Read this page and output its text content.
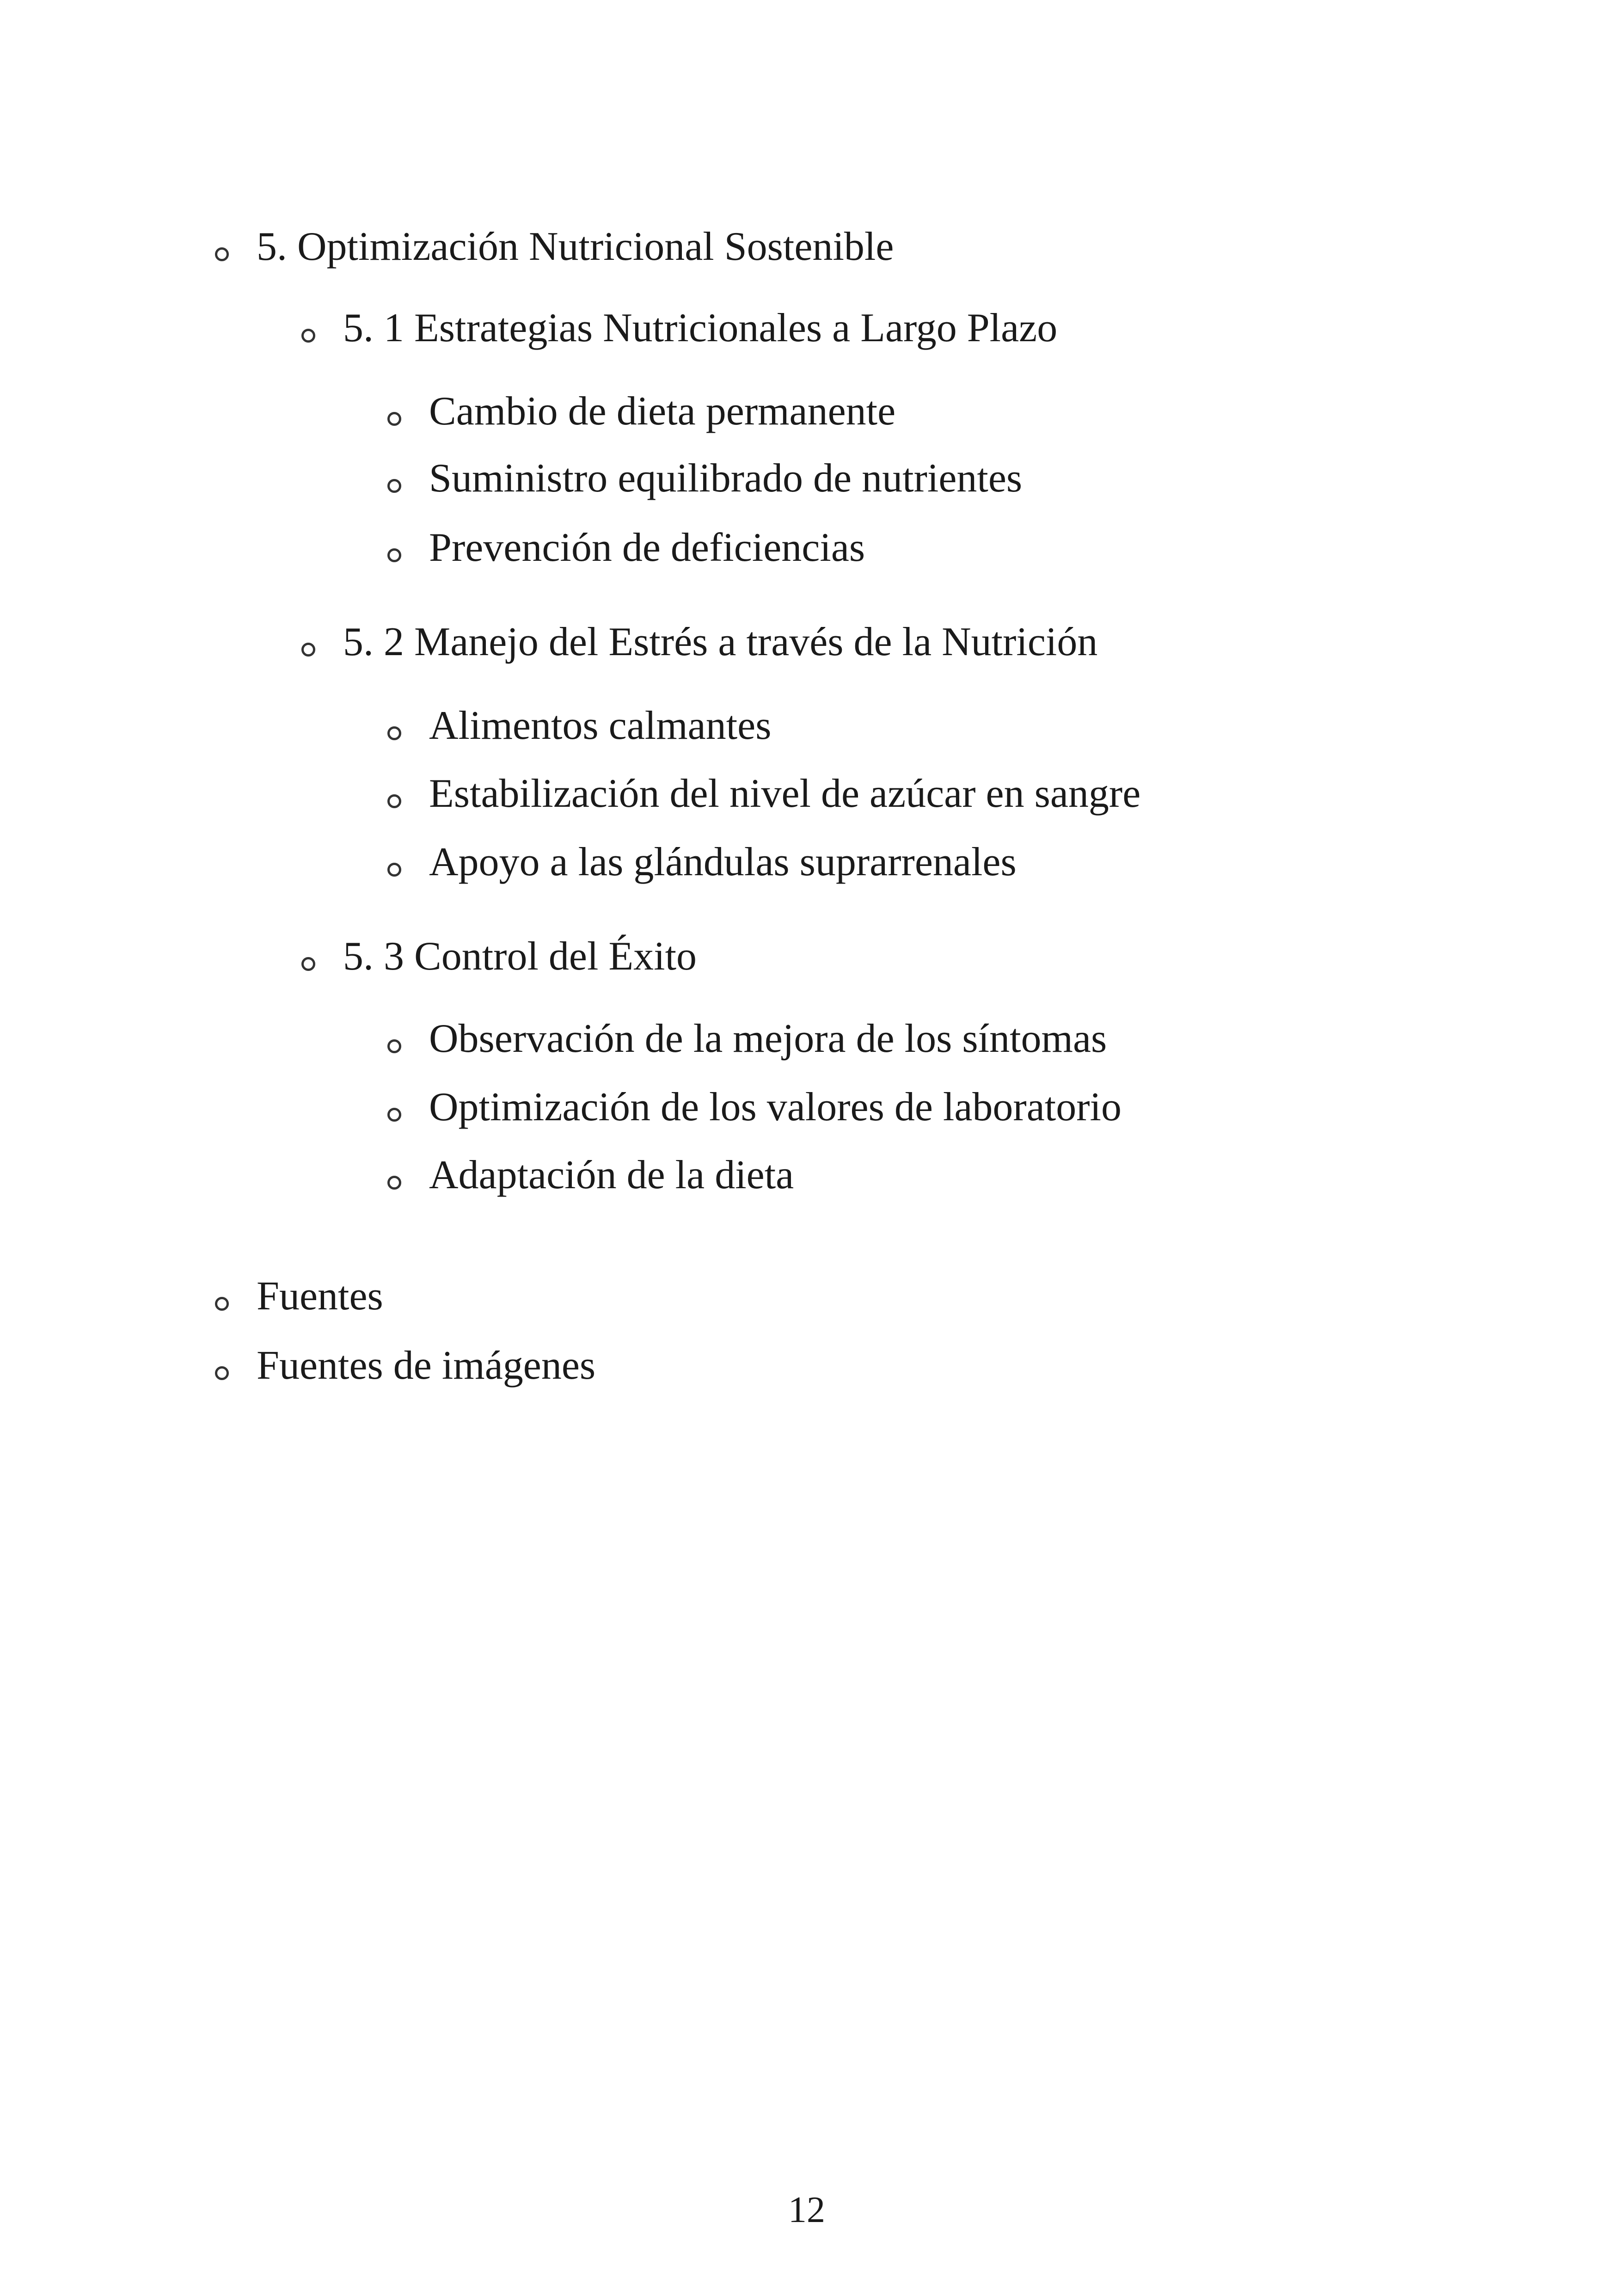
5. Optimización Nutricional Sostenible
5. 1 Estrategias Nutricionales a Largo Plazo
Cambio de dieta permanente
Suministro equilibrado de nutrientes
Prevención de deficiencias
5. 2 Manejo del Estrés a través de la Nutrición
Alimentos calmantes
Estabilización del nivel de azúcar en sangre
Apoyo a las glándulas suprarrenales
5. 3 Control del Éxito
Observación de la mejora de los síntomas
Optimización de los valores de laboratorio
Adaptación de la dieta
Fuentes
Fuentes de imágenes
12
